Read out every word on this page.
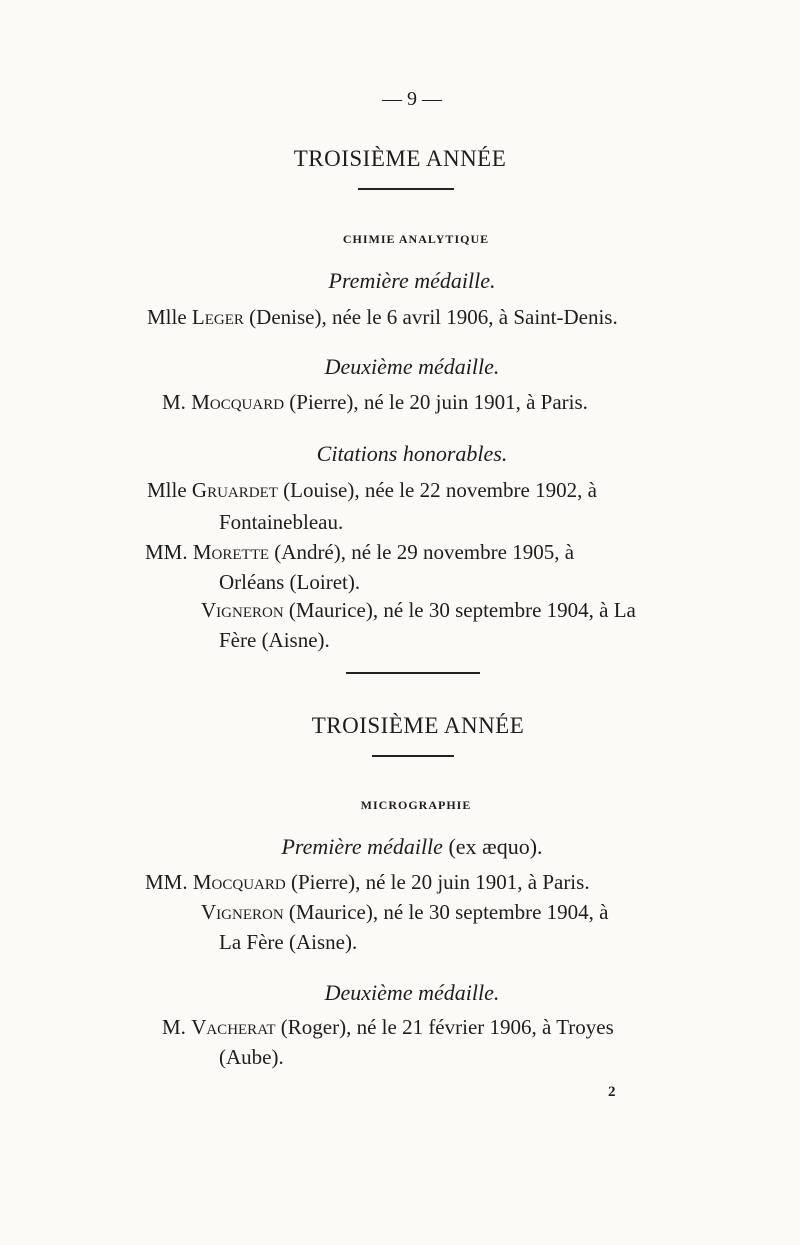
— 9 —
TROISIÈME ANNÉE
CHIMIE ANALYTIQUE
Première médaille.
Mlle Leger (Denise), née le 6 avril 1906, à Saint-Denis.
Deuxième médaille.
M. Mocquard (Pierre), né le 20 juin 1901, à Paris.
Citations honorables.
Mlle Gruardet (Louise), née le 22 novembre 1902, à
Fontainebleau.
MM. Morette (André), né le 29 novembre 1905, à
Orléans (Loiret).
Vigneron (Maurice), né le 30 septembre 1904, à La
Fère (Aisne).
TROISIÈME ANNÉE
MICROGRAPHIE
Première médaille (ex æquo).
MM. Mocquard (Pierre), né le 20 juin 1901, à Paris.
Vigneron (Maurice), né le 30 septembre 1904, à
La Fère (Aisne).
Deuxième médaille.
M. Vacherat (Roger), né le 21 février 1906, à Troyes
(Aube).
2
